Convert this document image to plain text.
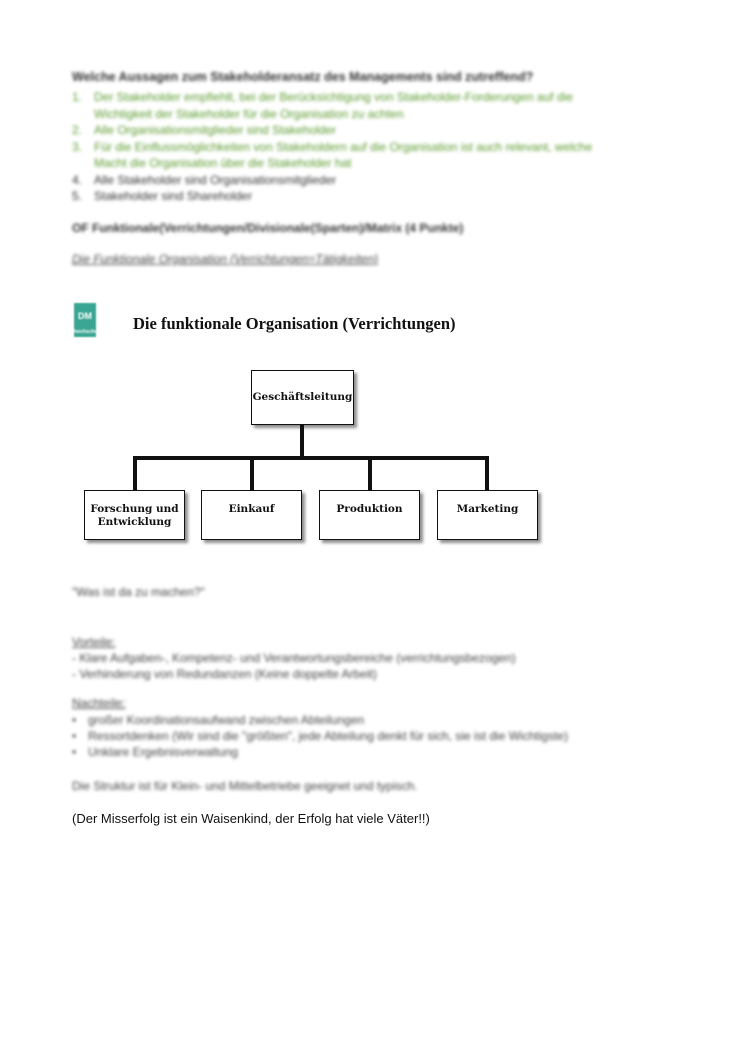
Welche Aussagen zum Stakeholderansatz des Managements sind zutreffend?
1. Der Stakeholder empfiehlt, bei der Berücksichtigung von Stakeholder-Forderungen auf die
Wichtigkeit der Stakeholder für die Organisation zu achten
2. Alle Organisationsmitglieder sind Stakeholder
3. Für die Einflussmöglichkeiten von Stakeholdern auf die Organisation ist auch relevant, welche
Macht die Organisation über die Stakeholder hat
4. Alle Stakeholder sind Organisationsmitglieder
5. Stakeholder sind Shareholder
OF Funktionale(Verrichtungen/Divisionale(Sparten)/Matrix (4 Punkte)
Die Funktionale Organisation (Verrichtungen=Tätigkeiten)
DM
hochschule Die funktionale Organisation (Verrichtungen)
Geschäftsleitung
Forschung und
Entwicklung
Einkauf	Produktion	Marketing
"Was ist da zu machen?"
Vorteile:
- Klare Aufgaben-, Kompetenz- und Verantwortungsbereiche (verrichtungsbezogen)
- Verhinderung von Redundanzen (Keine doppelte Arbeit)
Nachteile:
• großer Koordinationsaufwand zwischen Abteilungen
• Ressortdenken (Wir sind die "größten", jede Abteilung denkt für sich, sie ist die Wichtigste)
• Unklare Ergebnisverwaltung
Die Struktur ist für Klein- und Mittelbetriebe geeignet und typisch.
(Der Misserfolg ist ein Waisenkind, der Erfolg hat viele Väter!!)
